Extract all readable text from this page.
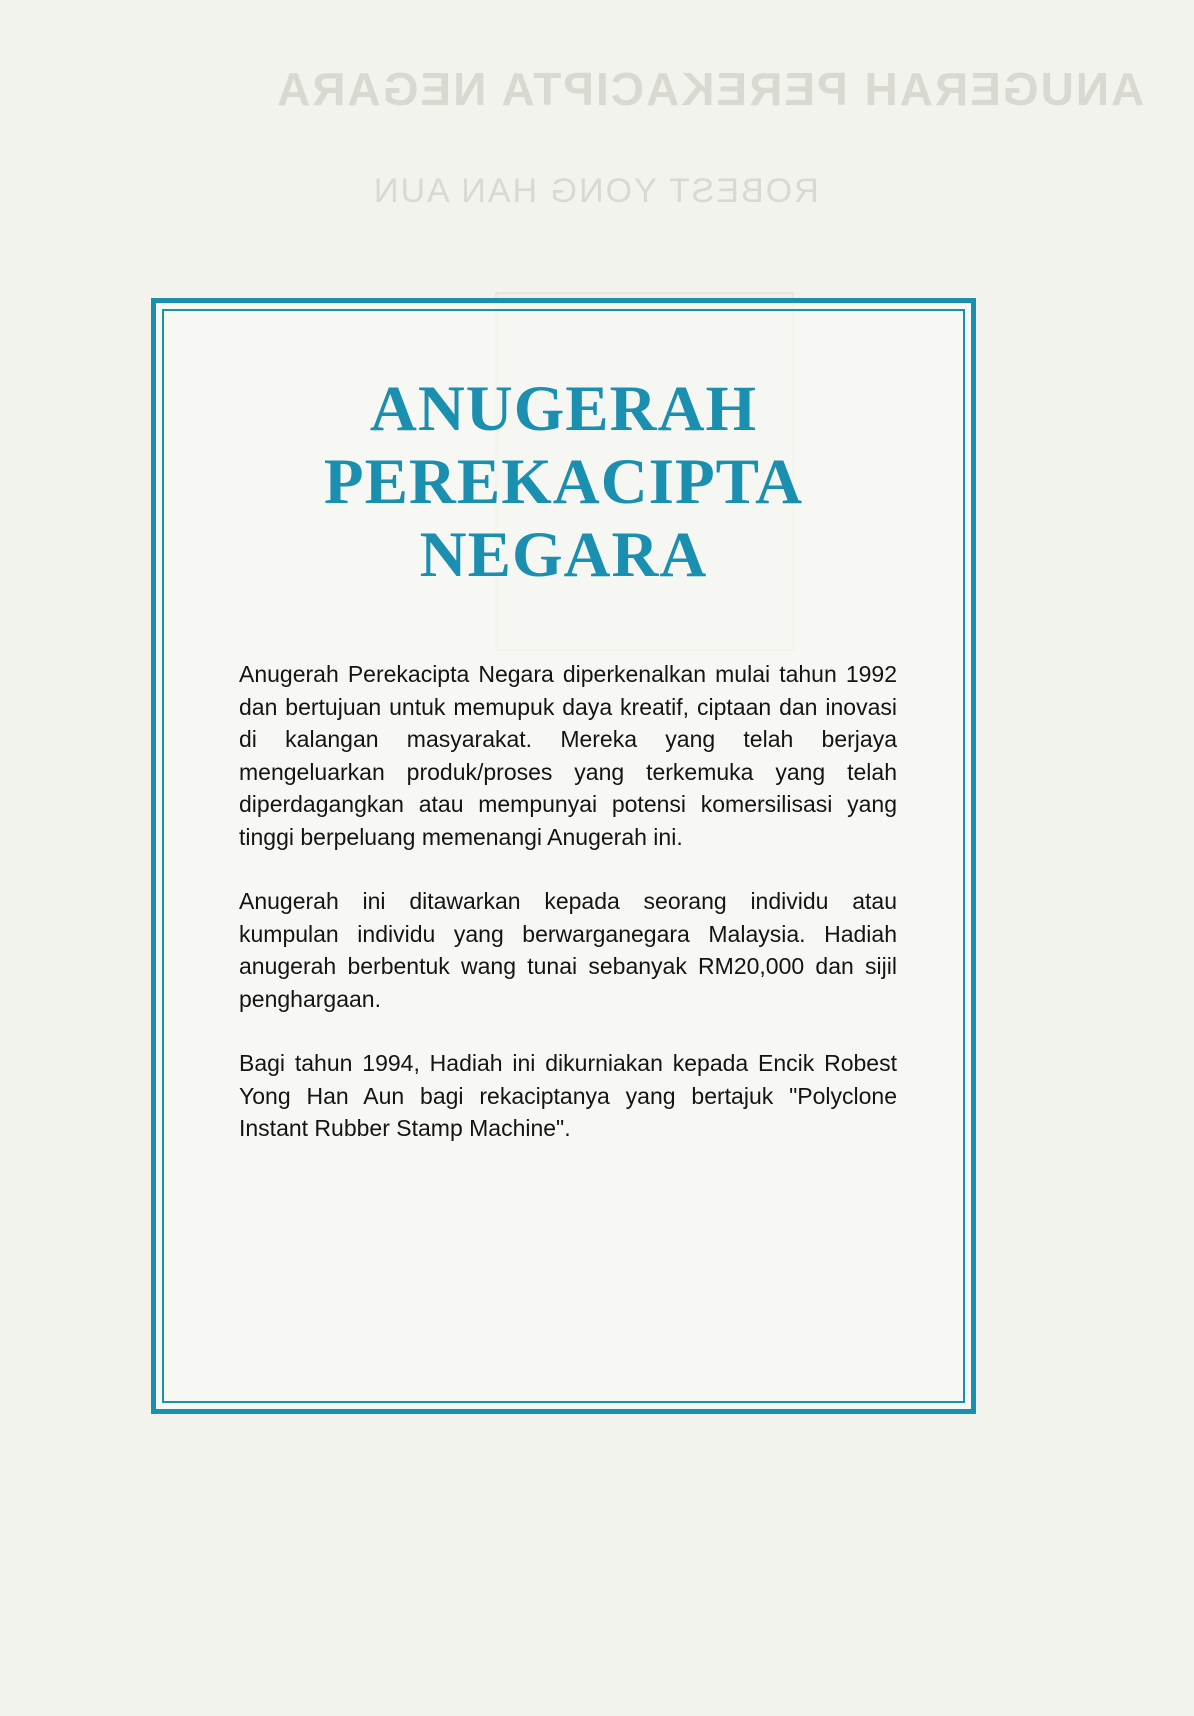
ANUGERAH PEREKACIPTA NEGARA
ROBEST YONG HAN AUN
ANUGERAH
PEREKACIPTA
NEGARA

Anugerah Perekacipta Negara diperkenalkan mulai tahun 1992 dan bertujuan untuk memupuk daya kreatif, ciptaan dan inovasi di kalangan masyarakat. Mereka yang telah berjaya mengeluarkan produk/proses yang terkemuka yang telah diperdagangkan atau mempunyai potensi komersilisasi yang tinggi berpeluang memenangi Anugerah ini.

Anugerah ini ditawarkan kepada seorang individu atau kumpulan individu yang berwarganegara Malaysia. Hadiah anugerah berbentuk wang tunai sebanyak RM20,000 dan sijil penghargaan.

Bagi tahun 1994, Hadiah ini dikurniakan kepada Encik Robest Yong Han Aun bagi rekaciptanya yang bertajuk "Polyclone Instant Rubber Stamp Machine".
